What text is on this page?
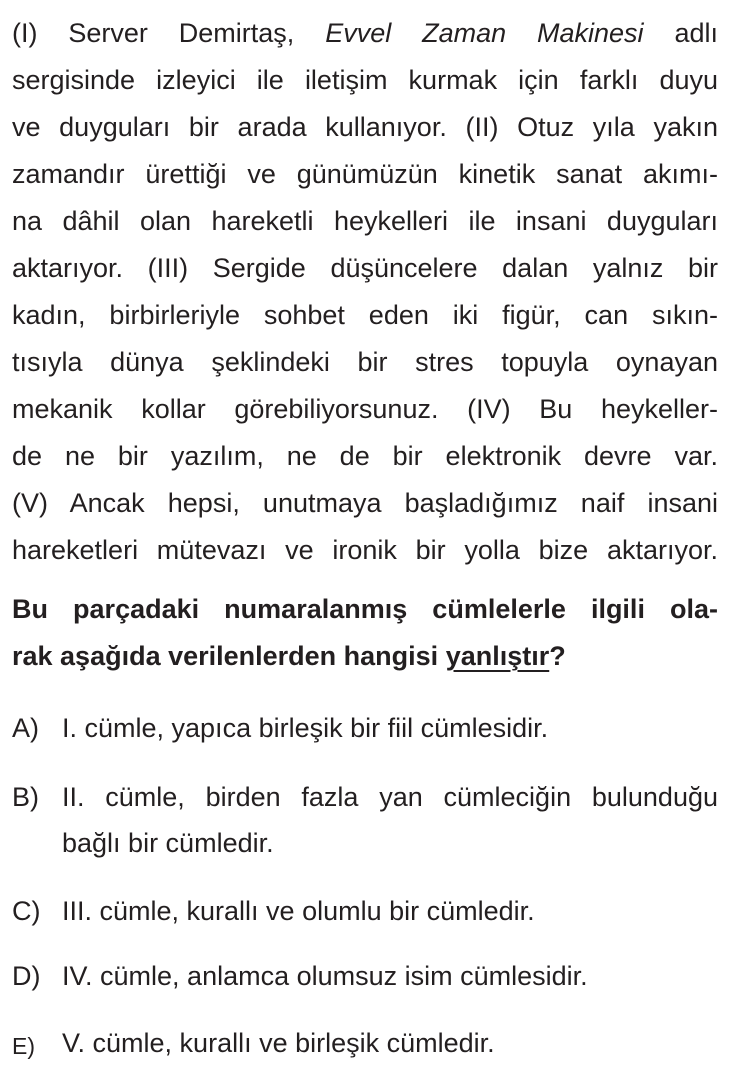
(I) Server Demirtaş, Evvel Zaman Makinesi adlı
sergisinde izleyici ile iletişim kurmak için farklı duyu
ve duyguları bir arada kullanıyor. (II) Otuz yıla yakın
zamandır ürettiği ve günümüzün kinetik sanat akımı-
na dâhil olan hareketli heykelleri ile insani duyguları
aktarıyor. (III) Sergide düşüncelere dalan yalnız bir
kadın, birbirleriyle sohbet eden iki figür, can sıkın-
tısıyla dünya şeklindeki bir stres topuyla oynayan
mekanik kollar görebiliyorsunuz. (IV) Bu heykeller-
de ne bir yazılım, ne de bir elektronik devre var.
(V) Ancak hepsi, unutmaya başladığımız naif insani
hareketleri mütevazı ve ironik bir yolla bize aktarıyor.
Bu parçadaki numaralanmış cümlelerle ilgili ola-
rak aşağıda verilenlerden hangisi yanlıştır?
A) I. cümle, yapıca birleşik bir fiil cümlesidir.
B) II. cümle, birden fazla yan cümleciğin bulunduğu
bağlı bir cümledir.
C) III. cümle, kurallı ve olumlu bir cümledir.
D) IV. cümle, anlamca olumsuz isim cümlesidir.
E)	V. cümle, kurallı ve birleşik cümledir.
